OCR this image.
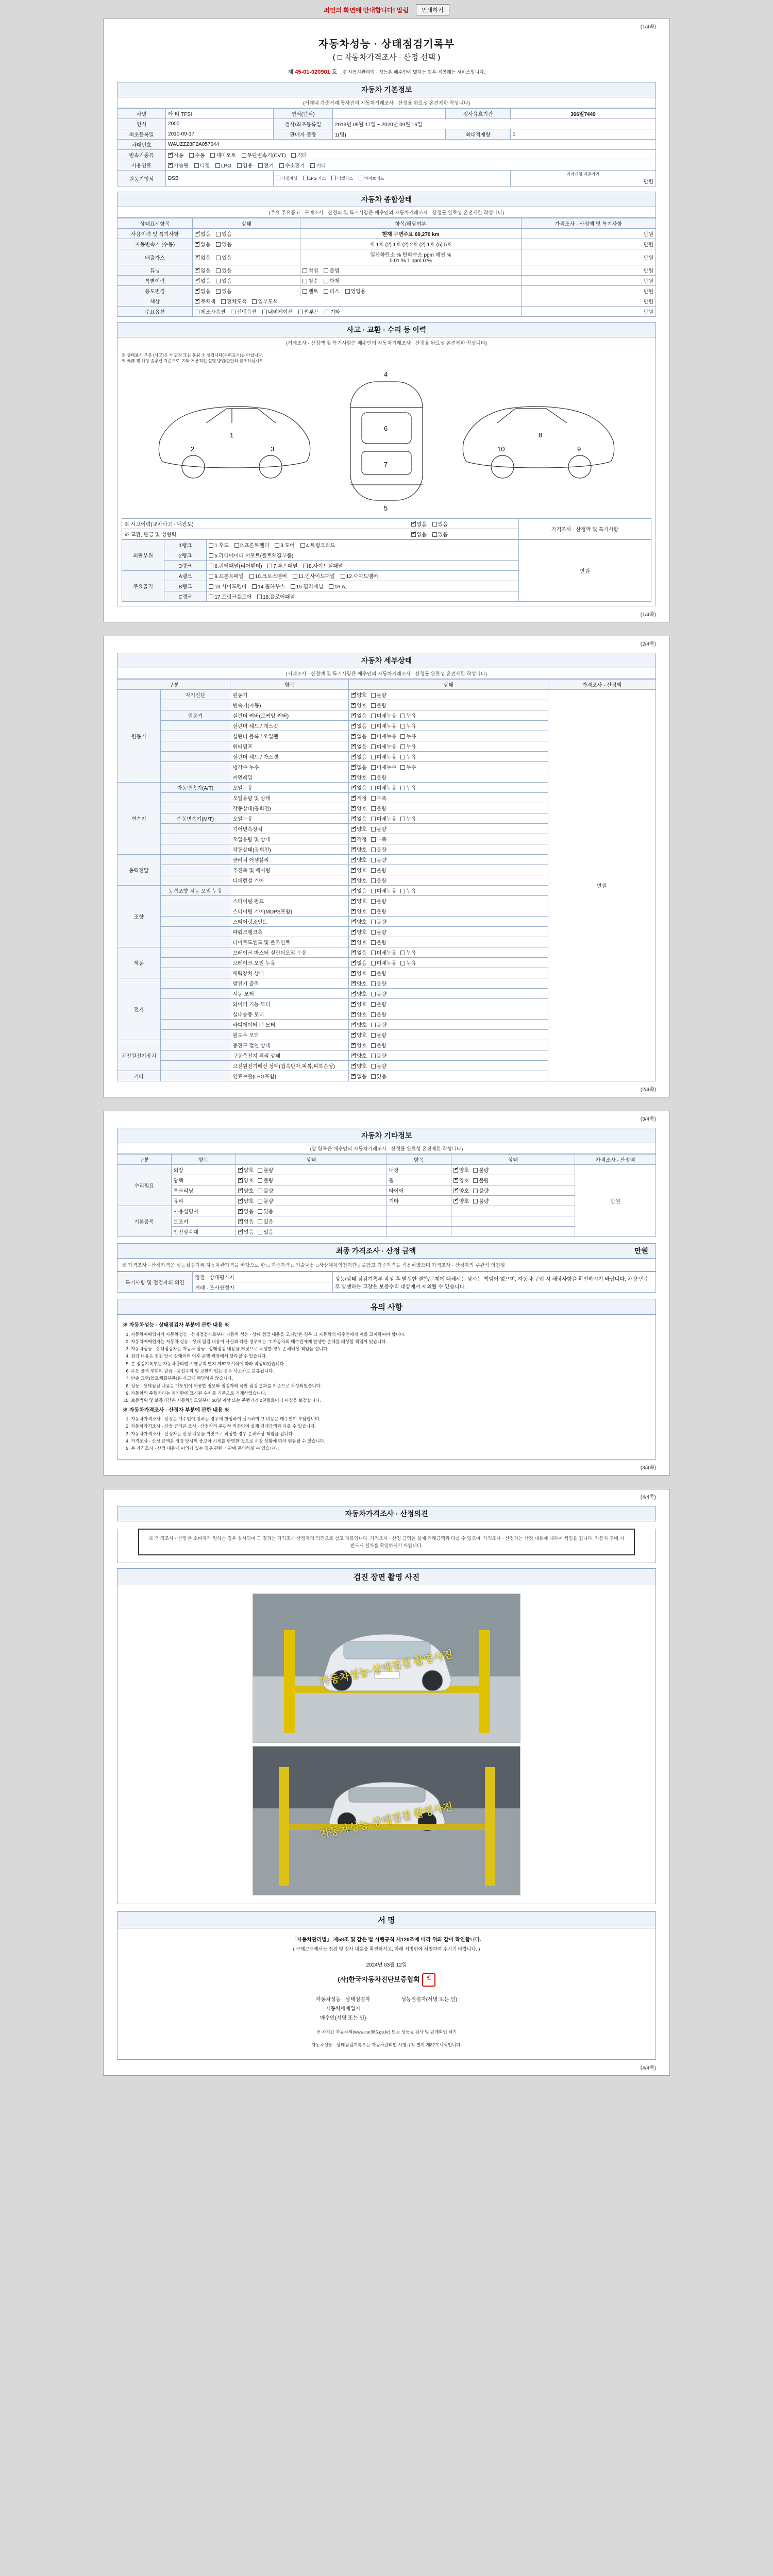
죄인의 화면에 안내합니다! 알림	인쇄하기
(1/4쪽)
자동차성능 · 상태점검기록부
( □ 자동차가격조사 · 산정 선택 )
제 45-01-020901 호 ※ 자동차관리법 · 성능은 매수인에 멸하는 경우 제공해는 서비스입니다.
자동차 기본정보
(거래내 가준거래 통사진의 자동차거래조사 · 산정률 완료성 온전제한 작성니다)
차명	아 티 TFSI	연식(년식)		검사유효기간	366일7449
연식	2000	검사/최초등록일	2019년 09월 17일 ~ 2020년 09월 16일		
최초등록일	2010-09-17	판매자 중량	1(명)	최대적재량	1
차대번호	WAUZZZ8P2A057044				
변속기종류	✔자동 수동 세미오토 무단변속기(CVT) 기타
사용연료	✔가솔린 디젤 LPG 겸용 전기 수소전기 기타
원동기형식	DSB	디젤이십 LPG 가스 디젤가스 하이브리드			거래신청 기준가격
만원
자동차 종합상태
(주요 주요품고 · 구매조사 · 산정의 및 특기사항은 매수인의 자동차거래조사 · 산정률 완료성 온전제한 작성니다)
상태표시항목	상태	항목/해당여부	가격조사 · 산정액 및 특기사항
사용이력 및 특기사항	✔없음 있음	현재 구변주요 69,270 km	만원
자동변속기 (수동)	✔없음 있음	제 1호 (2) 1호 (2) 2호 (2) 1호 (5) 5호	만원
배출가스	✔없음 있음	일산화탄소 % 탄화수소 ppm 매연 %
0.01 % 1 ppm 0 %	만원
튜닝	✔없음 있음	적법 불법	만원
특별이력	✔없음 있음	침수 화재	만원
용도변경	✔없음 있음	렌트 리스 영업용	만원
색상	✔무채색 전체도색 일부도색		만원
주요옵션	제조사옵션 선택옵션 내비게이션 썬루프 기타		만원
사고 · 교환 · 수리 등 이력
(거래조사 · 산정액 및 특기사항은 매수인의 자동차거래조사 · 산정률 완료성 온전제한 작성니다)
※ 상태표시 부분 (사고)은 사 판정 또는 봉됨 소 설립니다(수리표시)는 아닙니다.
※ 外部 및 해당 솔루션 기준으로, 기타 저용적인 설명 방법/판단하 참조하십시오.
1
2	3
4
5
6
7
8
9
10
※ 시고이력(교차사고 · 내진도)	✔없음 있음	가격조사 · 산정액 및 특기사항
※ 교환, 판금 및 성형력	✔없음 있음
외판부위	1랭크	1.후드 2.프론트휀더 3.도어 4.트렁크리드	만원
	2랭크	5.라디에이터 서포트(볼트체결부품)	
	3랭크	6.쿼터패널(리어휀더) 7.루프패널 8.사이드실패널	
주요골격	A랭크	9.프론트패널 10.크로스멤버 11.인사이드패널 12.사이드멤버	
	B랭크	13.사이드멤버 14.휠하우스 15.필러패널 16.A,	
	C랭크	17.트렁크플로어 18.플로어패널	
(1/4쪽)
(2/4쪽)
자동차 세부상태
(거래조사 · 산정액 및 특기사항은 매수인의 자동차거래조사 · 산정률 완료성 온전제한 작성니다)
구분		항목	상태	가격조사 · 산정액
원동기	자기진단	원동기	✔양호 불량	만원
		변속기(자동)	✔양호 불량
	원동기	실린더 커버(로커암 커버)	✔없음 미세누유 누유
		실린더 헤드 / 개스킷	✔없음 미세누유 누유
		실린더 블록 / 오일팬	✔없음 미세누유 누유
		워터펌프	✔없음 미세누유 누유
		실린더 헤드 / 가스켓	✔없음 미세누유 누유
		냉각수 누수	✔없음 미세누수 누수
		커먼레일	✔양호 불량
변속기	자동변속기(A/T)	오일누유	✔없음 미세누유 누유
		오일유량 및 상태	✔적정 부족
		작동상태(공회전)	✔양호 불량
	수동변속기(M/T)	오일누유	✔없음 미세누유 누유
		기어변속장치	✔양호 불량
		오일유량 및 상태	✔적정 부족
		작동상태(공회전)	✔양호 불량
동력전달		클러치 어셈블리	✔양호 불량
		추진축 및 베어링	✔양호 불량
		디퍼렌셜 기어	✔양호 불량
조향	동력조향 작동 오일 누유		✔없음 미세누유 누유
		스티어링 펌프	✔양호 불량
		스티어링 기어(MDPS포함)	✔양호 불량
		스티어링조인트	✔양호 불량
		파워크랭크축	✔양호 불량
		타이로드엔드 및 볼조인트	✔양호 불량
제동		브레이크 마스터 실린더오일 누유	✔없음 미세누유 누유
		브레이크 오일 누유	✔없음 미세누유 누유
		배력장치 상태	✔양호 불량
전기		발전기 출력	✔양호 불량
		시동 모터	✔양호 불량
		와이퍼 기능 모터	✔양호 불량
		실내송풍 모터	✔양호 불량
		라디에이터 팬 모터	✔양호 불량
		윈도우 모터	✔양호 불량
고전원전기장치		충전구 절연 상태	✔양호 불량
		구동축전지 격리 상태	✔양호 불량
		고전원전기배선 상태(접속단자,피복,피복손상)	✔양호 불량
기타		연료누출(LPG포함)	✔없음 있음
(2/4쪽)
(3/4쪽)
자동차 기타정보
(앞 항목은 매수인의 자동차거래조사 · 산정률 완료성 온전제한 작성니다)
구분	항목	상태	항목	상태	가격조사 · 산정액
수리필요	외장	✔양호 불량	내장	✔양호 불량	만원
	광택	✔양호 불량	휠	✔양호 불량
	룸크리닝	✔양호 불량	타이어	✔양호 불량
	유리	✔양호 불량	기타	✔양호 불량
기본품목	사용설명서	✔없음 있음		
	보조키	✔없음 있음		
	안전삼각대	✔없음 있음		
최종 가격조사 · 산정 금액	만원
※ 가격조사 · 산정가격은 성능점검기록 자동차관가격을 바탕으로 한 □ 기준가격 □ 기술내용 □사상대차의전기간등을참고 기준가격을 적용하였으며 가격조사 · 산정자의 주관적 의견임
특기사항 및 점검자의 의견	점검 · 상태평가자	성능/상태 점검기록부 작성 후 발생한 결함/문제에 대해서는 당사는 책임이 없으며, 자동차 구입 시 해당사항을 확인하시기 바랍니다. 차량 인수 후 발생하는 고장은 보증수리 대상에서 제외될 수 있습니다.
거래 · 조사산정자
유의 사항
※ 자동차성능 · 상태점검자 부분에 관한 내용 ※
1. 자동차매매업자가 자동차성능 · 상태점검자로부터 자동차 성능 · 상태 점검 내용을 고지받은 경우 그 자동차의 매수인에게 이를 고지하여야 합니다.
2. 자동차매매업자는 자동차 성능 · 상태 점검 내용이 사실과 다른 경우에는 그 자동차의 매수인에게 발생한 손해를 배상할 책임이 있습니다.
3. 자동차성능 · 상태점검자는 자동차 성능 · 상태점검 내용을 거짓으로 작성한 경우 손해배상 책임을 집니다.
4. 점검 내용은 점검 당시 상태이며 이후 운행 과정에서 달라질 수 있습니다.
5. 본 점검기록부는 자동차관리법 시행규칙 별지 제82호서식에 따라 작성되었습니다.
6. 주요 골격 부위의 판금 · 용접수리 및 교환이 있는 경우 사고차로 분류됩니다.
7. 단순 교환(볼트체결부품)은 사고에 해당하지 않습니다.
8. 성능 · 상태점검 내용은 매도인이 제공한 정보와 점검자의 육안 점검 결과를 기준으로 작성되었습니다.
9. 자동차의 주행거리는 계기판에 표시된 수치를 기준으로 기재하였습니다.
10. 보증범위 및 보증기간은 자동차인도일부터 30일 이상 또는 주행거리 2천킬로미터 이상을 보장합니다.
※ 자동차가격조사 · 산정자 부분에 관한 내용 ※
1. 자동차가격조사 · 산정은 매수인이 원하는 경우에 한정하여 실시하며 그 비용은 매수인이 부담합니다.
2. 자동차가격조사 · 산정 금액은 조사 · 산정자의 주관적 의견이며 실제 거래금액과 다를 수 있습니다.
3. 자동차가격조사 · 산정자는 산정 내용을 거짓으로 작성한 경우 손해배상 책임을 집니다.
4. 가격조사 · 산정 금액은 점검 당시의 중고차 시세를 반영한 것으로 시장 상황에 따라 변동될 수 있습니다.
5. 본 가격조사 · 산정 내용에 이의가 있는 경우 관련 기관에 문의하실 수 있습니다.
(3/4쪽)
(4/4쪽)
자동차가격조사 · 산정의견
※ '가격조사 · 산정'은 소비자가 원하는 경우 실시되며 그 결과는 가격조사 산정자의 의견으로 참고 자료입니다. 가격조사 · 산정 금액은 실제 거래금액과 다를 수 있으며, 가격조사 · 산정자는 산정 내용에 대하여 책임을 집니다. 자동차 구매 시 반드시 실차를 확인하시기 바랍니다.
검진 장면 촬영 사진
자동차성능·상태점검 촬영사진
자동차성능·상태점검 촬영사진
서 명
「자동차관리법」 제58조 및 같은 법 시행규칙 제120조에 따라 위와 같이 확인합니다.
( 구매고객께서는 점검 및 검사 내용을 확인하시고, 아래 서명란에 서명하여 주시기 바랍니다. )
2024년 03월 12일
(사)한국자동차진단보증협회 인
자동차성능 · 상태점검자
자동차매매업자
매수인(서명 또는 인)
성능점검자(서명 또는 인)
※ 차기간 자동차의(www.car365.go.kr) 또는 성능동 검사 및 판매확인 하기
자동차성능 · 상태점검기록부는 자동차관리법 시행규칙 별지 제82호서식입니다.
(4/4쪽)
